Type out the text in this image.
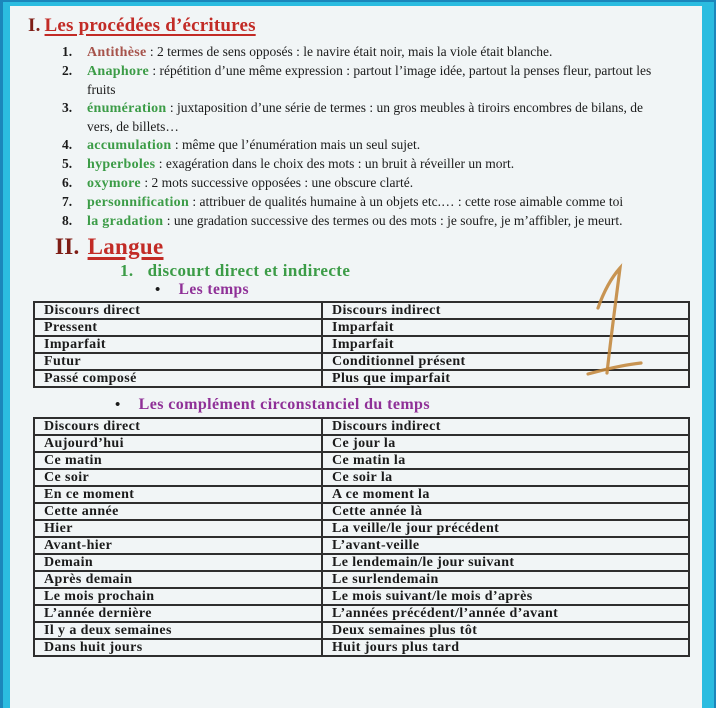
I. Les procédées d’écritures
1. Antithèse : 2 termes de sens opposés : le navire était noir, mais la viole était blanche.
2. Anaphore : répétition d’une même expression : partout l’image idée, partout la penses fleur, partout les fruits
3. énumération : juxtaposition d’une série de termes : un gros meubles à tiroirs encombres de bilans, de vers, de billets…
4. accumulation : même que l’énumération mais un seul sujet.
5. hyperboles : exagération dans le choix des mots : un bruit à réveiller un mort.
6. oxymore : 2 mots successive opposées : une obscure clarté.
7. personnification : attribuer de qualités humaine à un objets etc.… : cette rose aimable comme toi
8. la gradation : une gradation successive des termes ou des mots : je soufre, je m’affibler, je meurt.
II. Langue
1. discourt direct et indirecte
• Les temps
Discours direct	Discours indirect
Pressent	Imparfait
Imparfait	Imparfait
Futur	Conditionnel présent
Passé composé	Plus que imparfait
• Les complément circonstanciel du temps
Discours direct	Discours indirect
Aujourd’hui	Ce jour la
Ce matin	Ce matin la
Ce soir	Ce soir la
En ce moment	A ce moment la
Cette année	Cette année là
Hier	La veille/le jour précédent
Avant-hier	L’avant-veille
Demain	Le lendemain/le jour suivant
Après demain	Le surlendemain
Le mois prochain	Le mois suivant/le mois d’après
L’année dernière	L’années précédent/l’année d’avant
Il y a deux semaines	Deux semaines plus tôt
Dans huit jours	Huit jours plus tard
